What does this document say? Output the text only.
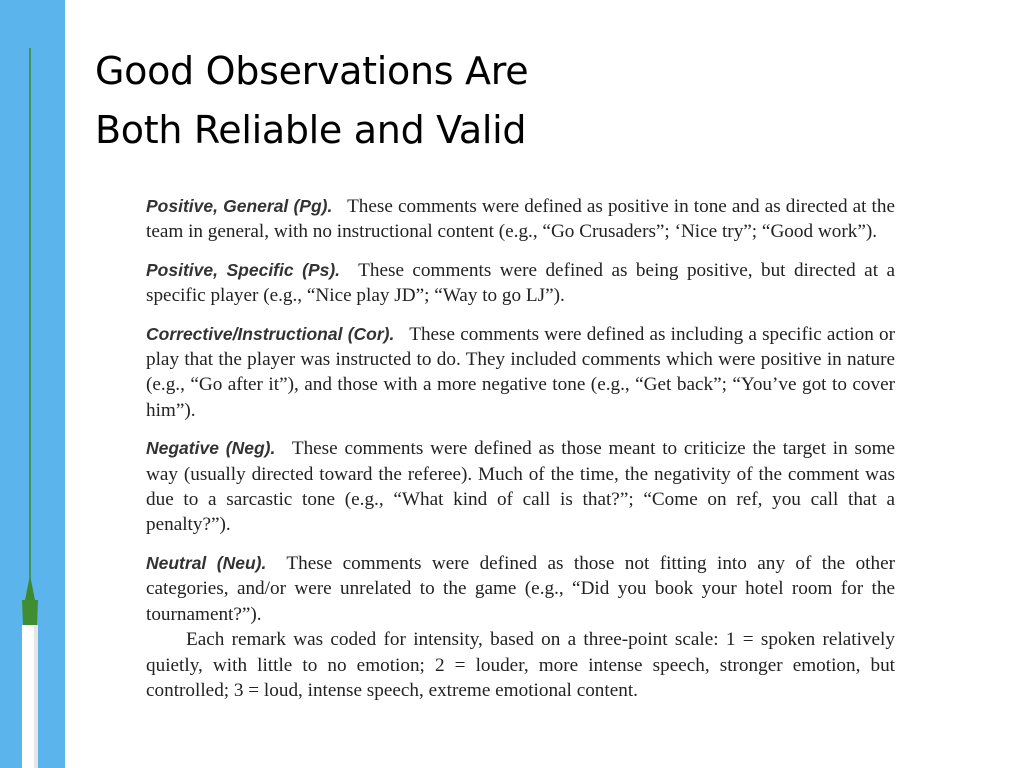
Good Observations Are
Both Reliable and Valid

Positive, General (Pg). These comments were defined as positive in tone and as directed at the team in general, with no instructional content (e.g., “Go Crusaders”; ‘Nice try”; “Good work”).

Positive, Specific (Ps). These comments were defined as being positive, but directed at a specific player (e.g., “Nice play JD”; “Way to go LJ”).

Corrective/Instructional (Cor). These comments were defined as including a specific action or play that the player was instructed to do. They included comments which were positive in nature (e.g., “Go after it”), and those with a more negative tone (e.g., “Get back”; “You’ve got to cover him”).

Negative (Neg). These comments were defined as those meant to criticize the target in some way (usually directed toward the referee). Much of the time, the negativity of the comment was due to a sarcastic tone (e.g., “What kind of call is that?”; “Come on ref, you call that a penalty?”).

Neutral (Neu). These comments were defined as those not fitting into any of the other categories, and/or were unrelated to the game (e.g., “Did you book your hotel room for the tournament?”).

Each remark was coded for intensity, based on a three-point scale: 1 = spoken relatively quietly, with little to no emotion; 2 = louder, more intense speech, stronger emotion, but controlled; 3 = loud, intense speech, extreme emotional content.
